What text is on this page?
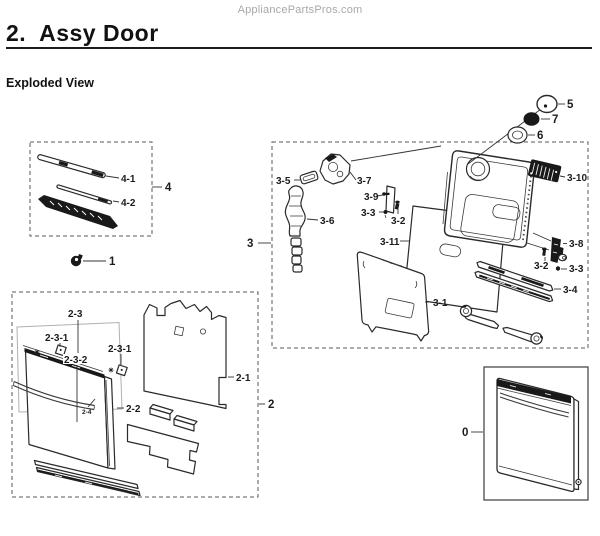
AppliancePartsPros.com
2.  Assy Door
Exploded View
4-1
4-2
4
1
3	3-11
3-1
3-10
3-5	3-7
3-6
3-9
3-3
3-2
3-8
3-2 3-3
3-4
5
7
6
2
2-4
2-1
2-3
2-3-1
2-3-1
2-3-2
2-2
0
